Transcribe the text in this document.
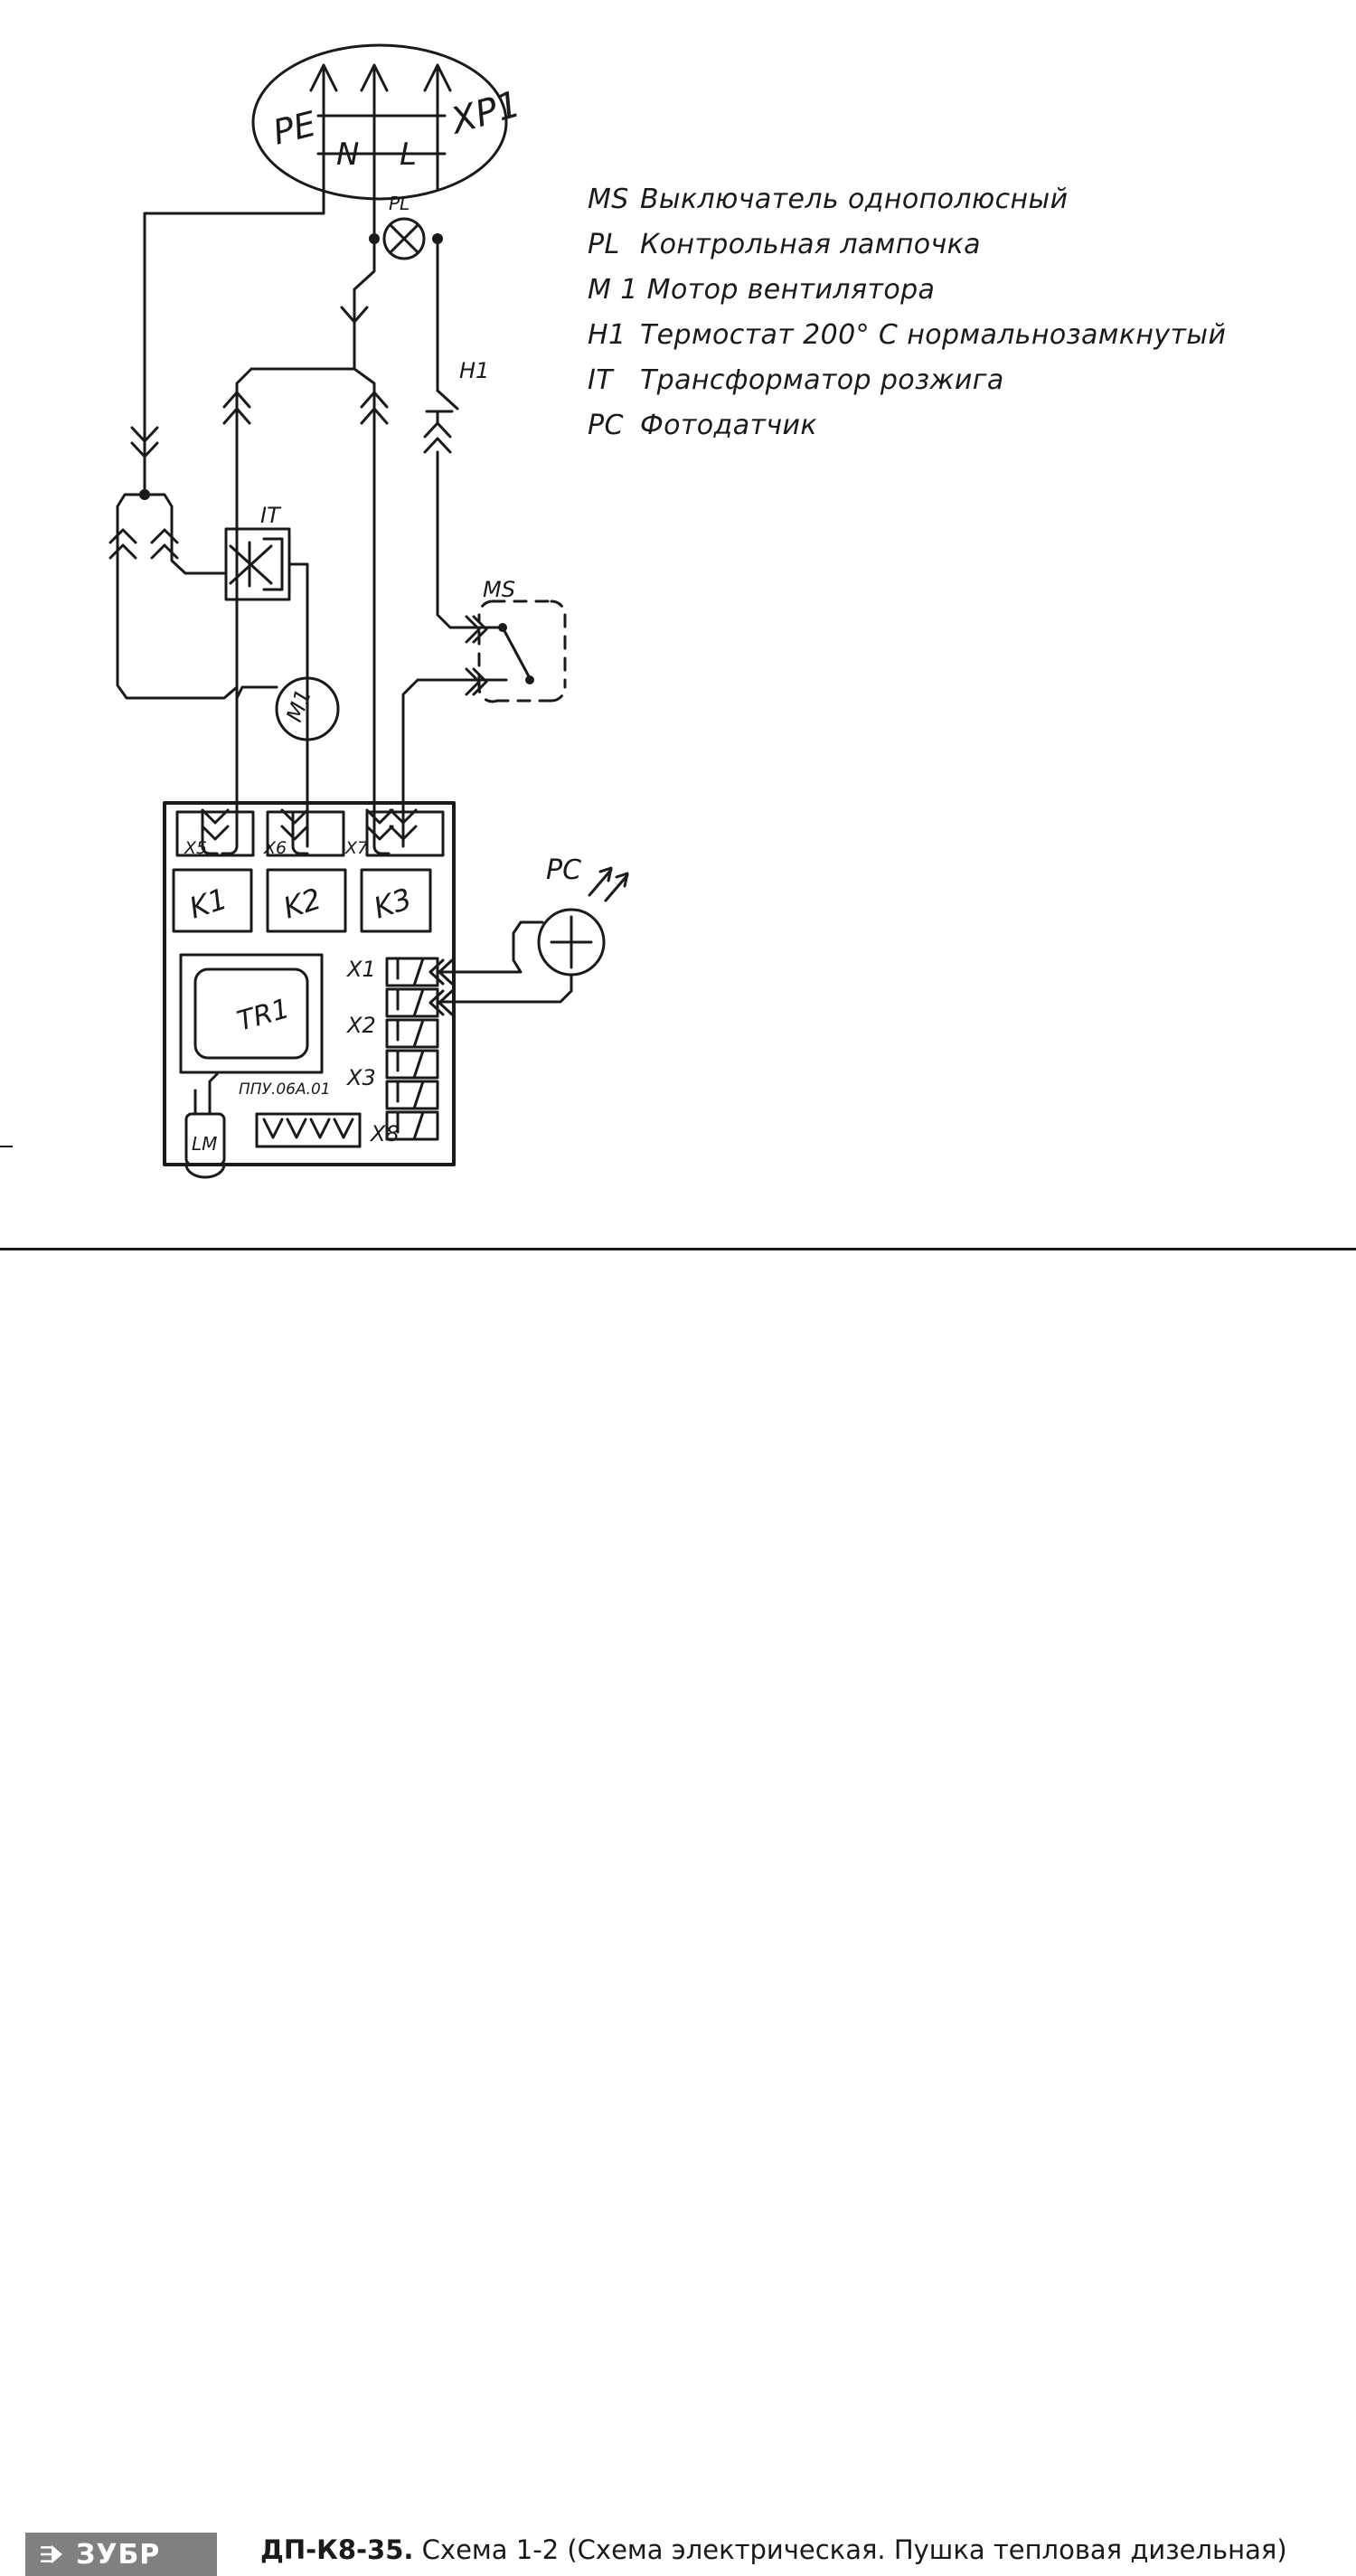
PE
N L
XP1
PL
Н1
IT
M1
MS
PC
X5	X6	X7
K1 K2 K3
TR1
ППУ.06А.01
X1
X2
X3
X8
LM
MS Выключатель однополюсный
PL Контрольная лампочка
M 1 Мотор вентилятора
Н1 Термостат 200° С нормальнозамкнутый
IT Трансформатор розжига
PC Фотодатчик
ЗУБР	ДП-К8-35. Схема 1-2 (Схема электрическая. Пушка тепловая дизельная)
